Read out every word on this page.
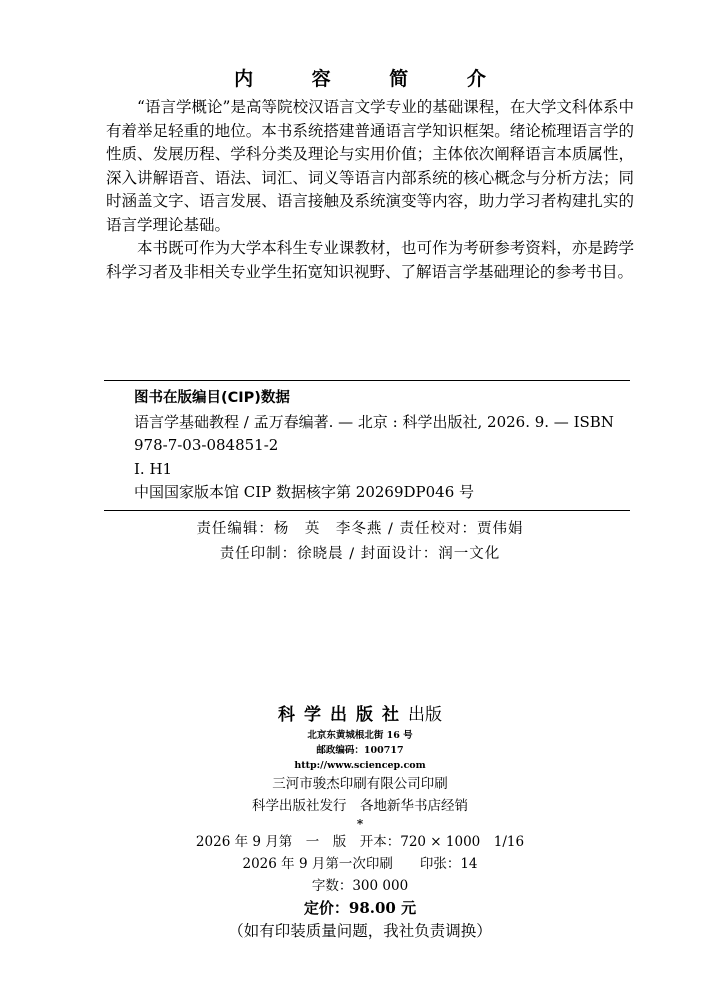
内 容 简 介

“语言学概论”是高等院校汉语言文学专业的基础课程，在大学文科体系中有着举足轻重的地位。本书系统搭建普通语言学知识框架。绪论梳理语言学的性质、发展历程、学科分类及理论与实用价值；主体依次阐释语言本质属性，深入讲解语音、语法、词汇、词义等语言内部系统的核心概念与分析方法；同时涵盖文字、语言发展、语言接触及系统演变等内容，助力学习者构建扎实的语言学理论基础。

本书既可作为大学本科生专业课教材，也可作为考研参考资料，亦是跨学科学习者及非相关专业学生拓宽知识视野、了解语言学基础理论的参考书目。

图书在版编目(CIP)数据
语言学基础教程 / 孟万春编著. — 北京 : 科学出版社, 2026. 9. — ISBN
978-7-03-084851-2
I. H1
中国国家版本馆 CIP 数据核字第 20269DP046 号
责任编辑：杨　英　李冬燕 / 责任校对：贾伟娟
责任印制：徐晓晨 / 封面设计：润一文化
科学出版社出版
北京东黄城根北街 16 号
邮政编码：100717
http://www.sciencep.com
三河市骏杰印刷有限公司印刷
科学出版社发行　各地新华书店经销
*
2026 年 9 月第　一　版　开本：720 × 1000　1/16
2026 年 9 月第一次印刷　　印张：14
字数：300 000
定价：98.00 元
（如有印装质量问题，我社负责调换）
